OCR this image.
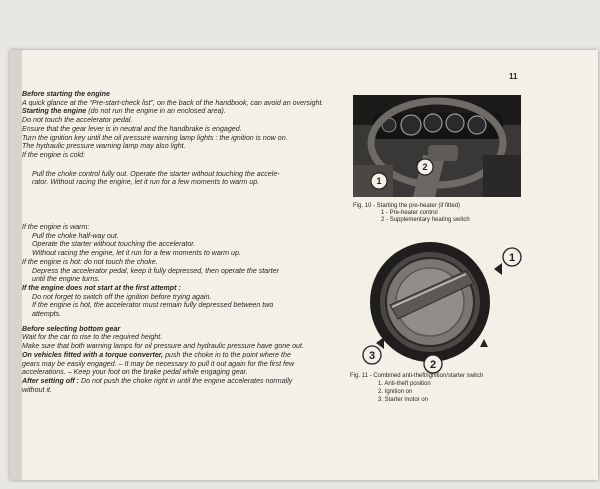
11

Before starting the engine

A quick glance at the “Pre-start-check list”, on the back of the handbook, can avoid an oversight.

Starting the engine (do not run the engine in an enclosed area).

Do not touch the accelerator pedal.

Ensure that the gear lever is in neutral and the handbrake is engaged.

Turn the ignition key until the oil pressure warning lamp lights : the ignition is now on.

The hydraulic pressure warning lamp may also light.

If the engine is cold:

Pull the choke control fully out. Operate the starter without touching the accele-

rator. Without racing the engine, let it run for a few moments to warm up.

If the engine is warm:

Pull the choke half-way out.

Operate the starter without touching the accelerator.

Without racing the engine, let it run for a few moments to warm up.

If the engine is hot: do not touch the choke.

Depress the accelerator pedal, keep it fully depressed, then operate the starter

until the engine turns.

If the engine does not start at the first attempt :

Do not forget to switch off the ignition before trying again.

If the engine is hot, the accelerator must remain fully depressed between two

attempts.

Before selecting bottom gear

Wait for the car to rise to the required height.

Make sure that both warning lamps for oil pressure and hydraulic pressure have gone out.

On vehicles fitted with a torque converter, push the choke in to the point where the

gears may be easily engaged. – It may be necessary to pull it out again for the first few

accelerations. – Keep your foot on the brake pedal while engaging gear.

After setting off : Do not push the choke right in until the engine accelerates normally

without it.

1
2
Fig. 10 - Starting the pre-heater (if fitted)
1 - Pre-heater control
2 - Supplementary heating switch
1
3
2
Fig. 11 - Combined anti-theft/ignition/starter switch
1. Anti-theft position
2. Ignition on
3. Starter motor on
